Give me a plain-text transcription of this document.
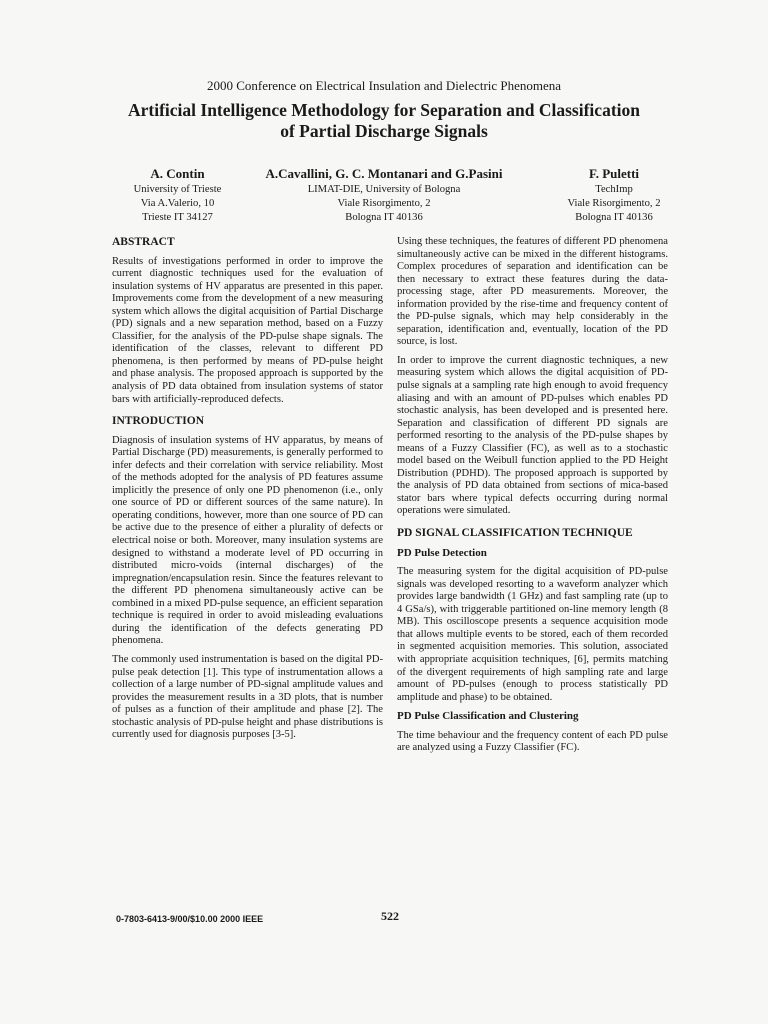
2000 Conference on Electrical Insulation and Dielectric Phenomena
Artificial Intelligence Methodology for Separation and Classification
of Partial Discharge Signals
A. Contin
University of Trieste
Via A.Valerio, 10
Trieste IT 34127
A.Cavallini, G. C. Montanari and G.Pasini
LIMAT-DIE, University of Bologna
Viale Risorgimento, 2
Bologna IT 40136
F. Puletti
TechImp
Viale Risorgimento, 2
Bologna IT 40136
ABSTRACT

Results of investigations performed in order to improve the current diagnostic techniques used for the evaluation of insulation systems of HV apparatus are presented in this paper. Improvements come from the development of a new measuring system which allows the digital acquisition of Partial Discharge (PD) signals and a new separation method, based on a Fuzzy Classifier, for the analysis of the PD-pulse shape signals. The identification of the classes, relevant to different PD phenomena, is then performed by means of PD-pulse height and phase analysis. The proposed approach is supported by the analysis of PD data obtained from insulation systems of stator bars with artificially-reproduced defects.

INTRODUCTION

Diagnosis of insulation systems of HV apparatus, by means of Partial Discharge (PD) measurements, is generally performed to infer defects and their correlation with service reliability. Most of the methods adopted for the analysis of PD features assume implicitly the presence of only one PD phenomenon (i.e., only one source of PD or different sources of the same nature). In operating conditions, however, more than one source of PD can be active due to the presence of either a plurality of defects or electrical noise or both. Moreover, many insulation systems are designed to withstand a moderate level of PD occurring in distributed micro-voids (internal discharges) of the impregnation/encapsulation resin. Since the features relevant to the different PD phenomena simultaneously active can be combined in a mixed PD-pulse sequence, an efficient separation technique is required in order to avoid misleading evaluations during the identification of the defects generating PD phenomena.

The commonly used instrumentation is based on the digital PD-pulse peak detection [1]. This type of instrumentation allows a collection of a large number of PD-signal amplitude values and provides the measurement results in a 3D plots, that is number of pulses as a function of their amplitude and phase [2]. The stochastic analysis of PD-pulse height and phase distributions is currently used for diagnosis purposes [3-5].

Using these techniques, the features of different PD phenomena simultaneously active can be mixed in the different histograms. Complex procedures of separation and identification can be then necessary to extract these features during the data-processing stage, after PD measurements. Moreover, the information provided by the rise-time and frequency content of the PD-pulse signals, which may help considerably in the separation, identification and, eventually, location of the PD source, is lost.

In order to improve the current diagnostic techniques, a new measuring system which allows the digital acquisition of PD-pulse signals at a sampling rate high enough to avoid frequency aliasing and with an amount of PD-pulses which enables PD stochastic analysis, has been developed and is presented here. Separation and classification of different PD signals are performed resorting to the analysis of the PD-pulse shapes by means of a Fuzzy Classifier (FC), as well as to a stochastic model based on the Weibull function applied to the PD Height Distribution (PDHD). The proposed approach is supported by the analysis of PD data obtained from sections of mica-based stator bars where typical defects occurring during normal operations were simulated.

PD SIGNAL CLASSIFICATION TECHNIQUE
PD Pulse Detection

The measuring system for the digital acquisition of PD-pulse signals was developed resorting to a waveform analyzer which provides large bandwidth (1 GHz) and fast sampling rate (up to 4 GSa/s), with triggerable partitioned on-line memory length (8 MB). This oscilloscope presents a sequence acquisition mode that allows multiple events to be stored, each of them recorded in segmented acquisition memories. This solution, associated with appropriate acquisition techniques, [6], permits matching of the divergent requirements of high sampling rate and large amount of PD-pulses (enough to process statistically PD amplitude and phase) to be obtained.

PD Pulse Classification and Clustering

The time behaviour and the frequency content of each PD pulse are analyzed using a Fuzzy Classifier (FC).

0-7803-6413-9/00/$10.00 2000 IEEE	522
